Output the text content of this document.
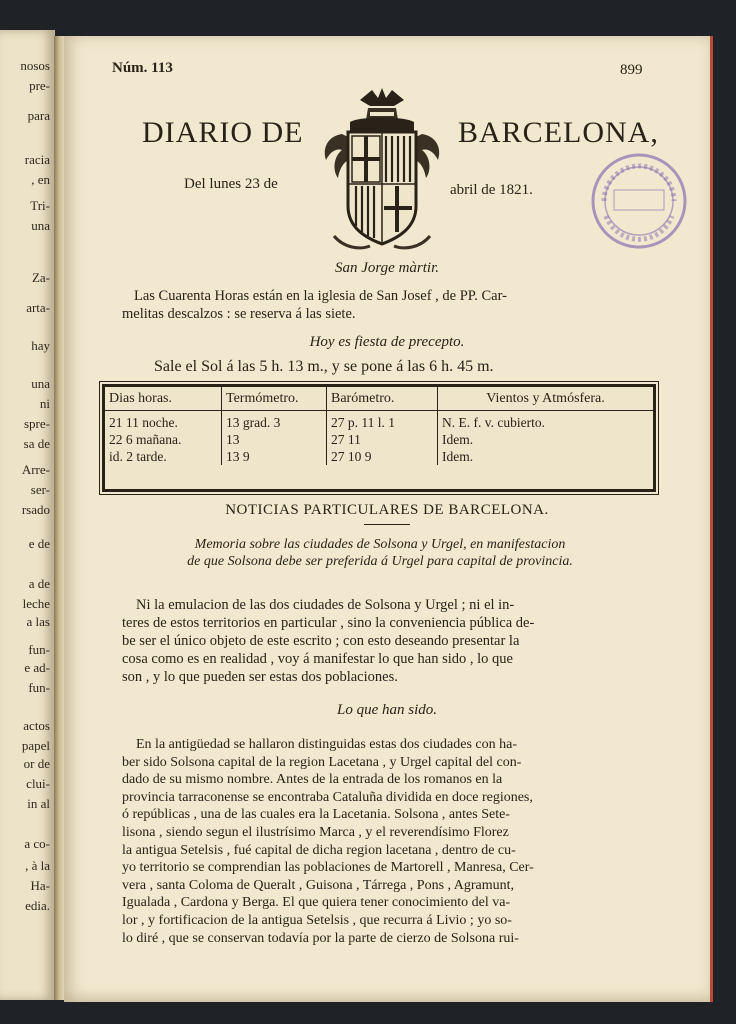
nosos
pre-
para
racia
, en
Tri-
una
Za-
arta-
hay
una
ni
spre-
sa de
Arre-
ser-
rsado
e de
a de
leche
a las
fun-
e ad-
fun-
actos
papel
or de
clui-
in al
a co-
, à la
Ha-
edia.
Núm. 113	899
DIARIO DE	BARCELONA,
Del lunes 23 de	abril de 1821.
San Jorge màrtir.
Las Cuarenta Horas están en la iglesia de San Josef , de PP. Car-
melitas descalzos : se reserva á las siete.
Hoy es fiesta de precepto.
Sale el Sol á las 5 h. 13 m., y se pone á las 6 h. 45 m.
Dias horas.	Termómetro.	Barómetro.	Vientos y Atmósfera.
21 11 noche.	13 grad. 3	27 p. 11 l. 1	N. E. f. v. cubierto.
22 6 mañana.	13	27 11	Idem.
id. 2 tarde.	13 9	27 10 9	Idem.
NOTICIAS PARTICULARES DE BARCELONA.
Memoria sobre las ciudades de Solsona y Urgel, en manifestacion
de que Solsona debe ser preferida á Urgel para capital de provincia.
Ni la emulacion de las dos ciudades de Solsona y Urgel ; ni el in-
teres de estos territorios en particular , sino la conveniencia pública de-
be ser el único objeto de este escrito ; con esto deseando presentar la
cosa como es en realidad , voy á manifestar lo que han sido , lo que
son , y lo que pueden ser estas dos poblaciones.
Lo que han sido.
En la antigüedad se hallaron distinguidas estas dos ciudades con ha-
ber sido Solsona capital de la region Lacetana , y Urgel capital del con-
dado de su mismo nombre. Antes de la entrada de los romanos en la
provincia tarraconense se encontraba Cataluña dividida en doce regiones,
ó repúblicas , una de las cuales era la Lacetania. Solsona , antes Sete-
lisona , siendo segun el ilustrísimo Marca , y el reverendísimo Florez
la antigua Setelsis , fué capital de dicha region lacetana , dentro de cu-
yo territorio se comprendian las poblaciones de Martorell , Manresa, Cer-
vera , santa Coloma de Queralt , Guisona , Tárrega , Pons , Agramunt,
Igualada , Cardona y Berga. El que quiera tener conocimiento del va-
lor , y fortificacion de la antigua Setelsis , que recurra á Livio ; yo so-
lo diré , que se conservan todavía por la parte de cierzo de Solsona rui-
